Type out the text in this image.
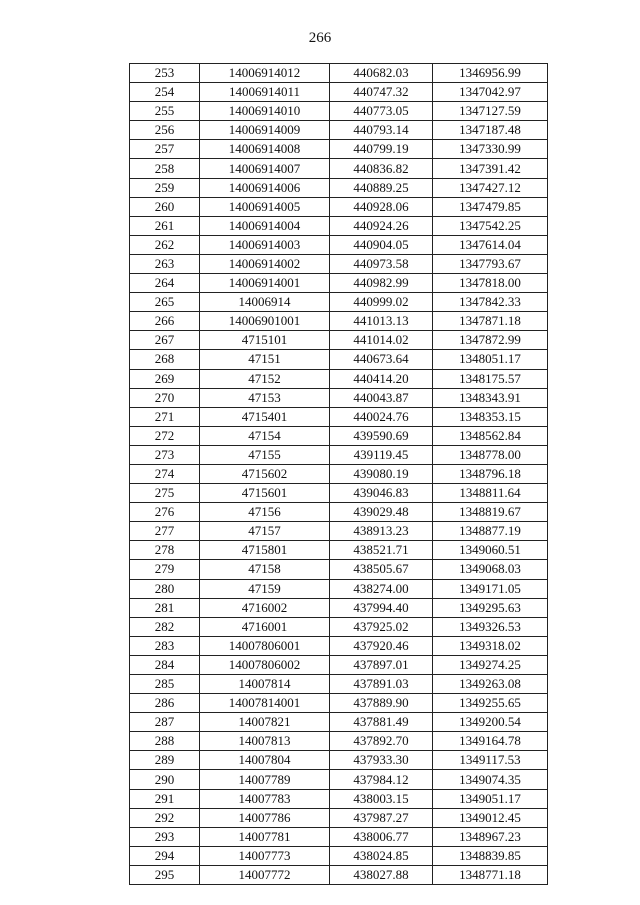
266
253	14006914012	440682.03	1346956.99
254	14006914011	440747.32	1347042.97
255	14006914010	440773.05	1347127.59
256	14006914009	440793.14	1347187.48
257	14006914008	440799.19	1347330.99
258	14006914007	440836.82	1347391.42
259	14006914006	440889.25	1347427.12
260	14006914005	440928.06	1347479.85
261	14006914004	440924.26	1347542.25
262	14006914003	440904.05	1347614.04
263	14006914002	440973.58	1347793.67
264	14006914001	440982.99	1347818.00
265	14006914	440999.02	1347842.33
266	14006901001	441013.13	1347871.18
267	4715101	441014.02	1347872.99
268	47151	440673.64	1348051.17
269	47152	440414.20	1348175.57
270	47153	440043.87	1348343.91
271	4715401	440024.76	1348353.15
272	47154	439590.69	1348562.84
273	47155	439119.45	1348778.00
274	4715602	439080.19	1348796.18
275	4715601	439046.83	1348811.64
276	47156	439029.48	1348819.67
277	47157	438913.23	1348877.19
278	4715801	438521.71	1349060.51
279	47158	438505.67	1349068.03
280	47159	438274.00	1349171.05
281	4716002	437994.40	1349295.63
282	4716001	437925.02	1349326.53
283	14007806001	437920.46	1349318.02
284	14007806002	437897.01	1349274.25
285	14007814	437891.03	1349263.08
286	14007814001	437889.90	1349255.65
287	14007821	437881.49	1349200.54
288	14007813	437892.70	1349164.78
289	14007804	437933.30	1349117.53
290	14007789	437984.12	1349074.35
291	14007783	438003.15	1349051.17
292	14007786	437987.27	1349012.45
293	14007781	438006.77	1348967.23
294	14007773	438024.85	1348839.85
295	14007772	438027.88	1348771.18
